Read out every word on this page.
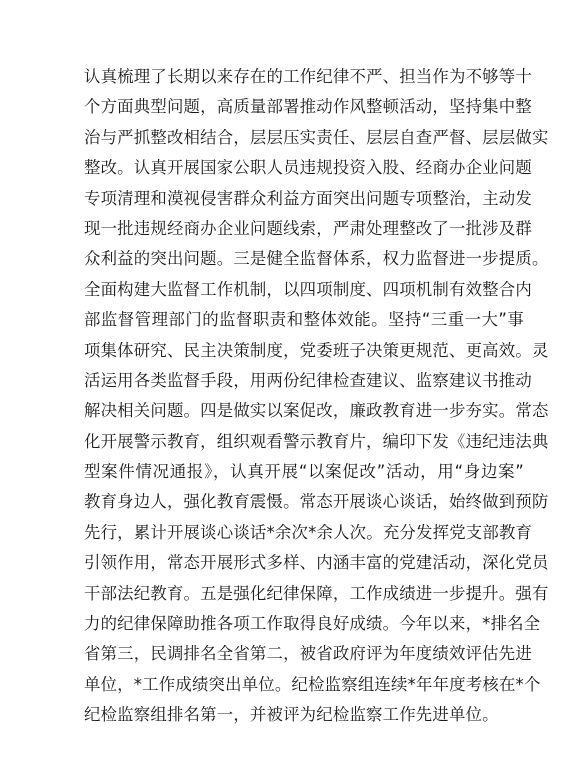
认真梳理了长期以来存在的工作纪律不严、担当作为不够等十
个方面典型问题，高质量部署推动作风整顿活动，坚持集中整
治与严抓整改相结合，层层压实责任、层层自查严督、层层做实
整改。认真开展国家公职人员违规投资入股、经商办企业问题
专项清理和漠视侵害群众利益方面突出问题专项整治，主动发
现一批违规经商办企业问题线索，严肃处理整改了一批涉及群
众利益的突出问题。三是健全监督体系，权力监督进一步提质。
全面构建大监督工作机制，以四项制度、四项机制有效整合内
部监督管理部门的监督职责和整体效能。坚持“三重一大”事
项集体研究、民主决策制度，党委班子决策更规范、更高效。灵
活运用各类监督手段，用两份纪律检查建议、监察建议书推动
解决相关问题。四是做实以案促改，廉政教育进一步夯实。常态
化开展警示教育，组织观看警示教育片，编印下发《违纪违法典
型案件情况通报》，认真开展“以案促改”活动，用“身边案”
教育身边人，强化教育震慑。常态开展谈心谈话，始终做到预防
先行，累计开展谈心谈话*余次*余人次。充分发挥党支部教育
引领作用，常态开展形式多样、内涵丰富的党建活动，深化党员
干部法纪教育。五是强化纪律保障，工作成绩进一步提升。强有
力的纪律保障助推各项工作取得良好成绩。今年以来，*排名全
省第三，民调排名全省第二，被省政府评为年度绩效评估先进
单位，*工作成绩突出单位。纪检监察组连续*年年度考核在*个
纪检监察组排名第一，并被评为纪检监察工作先进单位。
